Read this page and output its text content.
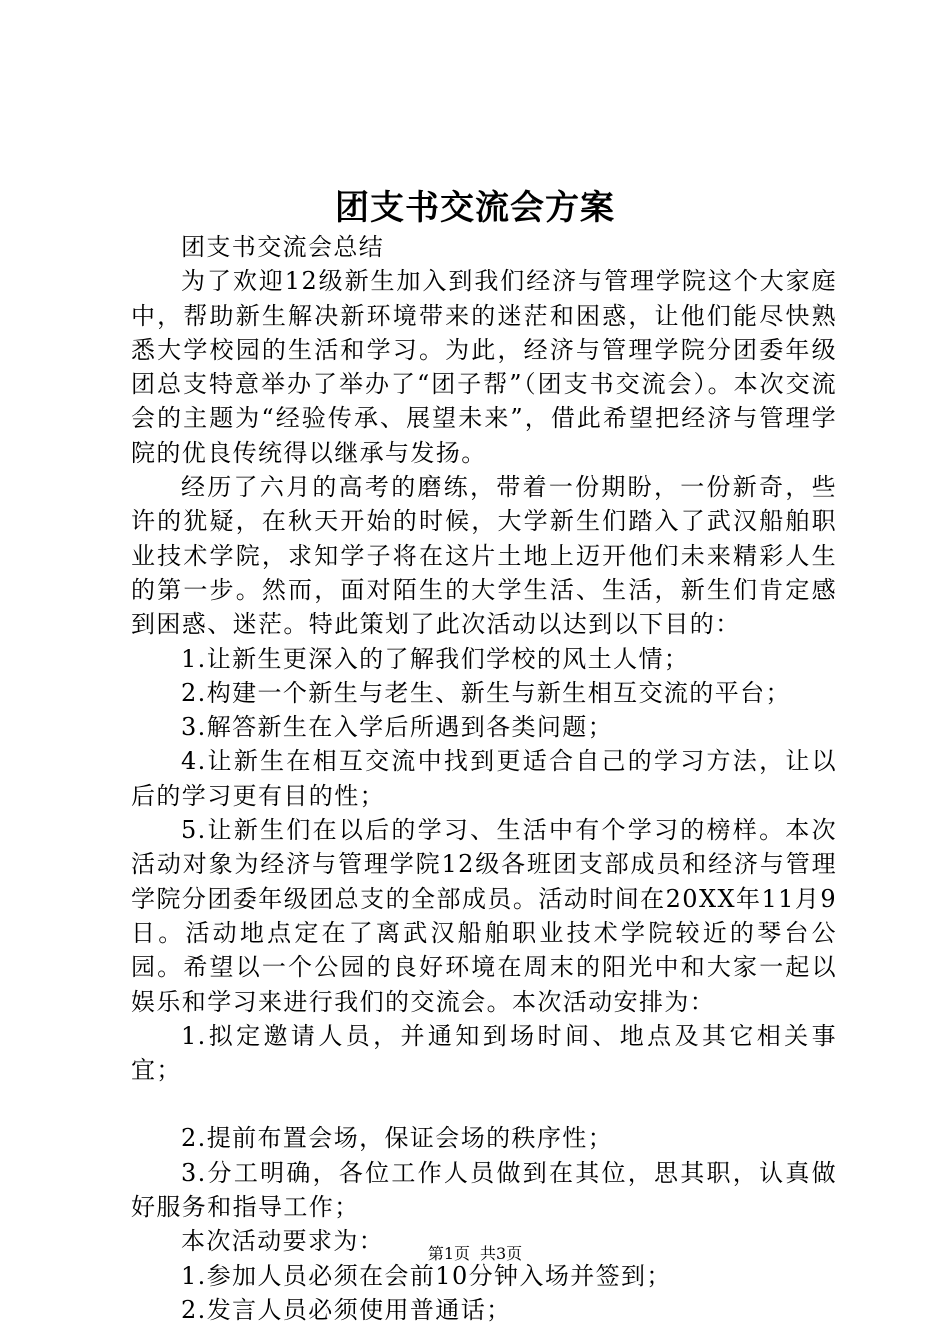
团支书交流会方案

团支书交流会总结

为了欢迎12级新生加入到我们经济与管理学院这个大家庭中，帮助新生解决新环境带来的迷茫和困惑，让他们能尽快熟悉大学校园的生活和学习。为此，经济与管理学院分团委年级团总支特意举办了举办了“团子帮”（团支书交流会）。本次交流会的主题为“经验传承、展望未来”，借此希望把经济与管理学院的优良传统得以继承与发扬。

经历了六月的高考的磨练，带着一份期盼，一份新奇，些许的犹疑，在秋天开始的时候，大学新生们踏入了武汉船舶职业技术学院，求知学子将在这片土地上迈开他们未来精彩人生的第一步。然而，面对陌生的大学生活、生活，新生们肯定感到困惑、迷茫。特此策划了此次活动以达到以下目的：

1.让新生更深入的了解我们学校的风土人情；

2.构建一个新生与老生、新生与新生相互交流的平台；

3.解答新生在入学后所遇到各类问题；

4.让新生在相互交流中找到更适合自己的学习方法，让以后的学习更有目的性；

5.让新生们在以后的学习、生活中有个学习的榜样。本次活动对象为经济与管理学院12级各班团支部成员和经济与管理学院分团委年级团总支的全部成员。活动时间在20XX年11月9日。活动地点定在了离武汉船舶职业技术学院较近的琴台公园。希望以一个公园的良好环境在周末的阳光中和大家一起以娱乐和学习来进行我们的交流会。本次活动安排为：

1.拟定邀请人员，并通知到场时间、地点及其它相关事宜；

2.提前布置会场，保证会场的秩序性；

3.分工明确，各位工作人员做到在其位，思其职，认真做好服务和指导工作；

本次活动要求为：

1.参加人员必须在会前10分钟入场并签到；

2.发言人员必须使用普通话；

第1页 共3页
